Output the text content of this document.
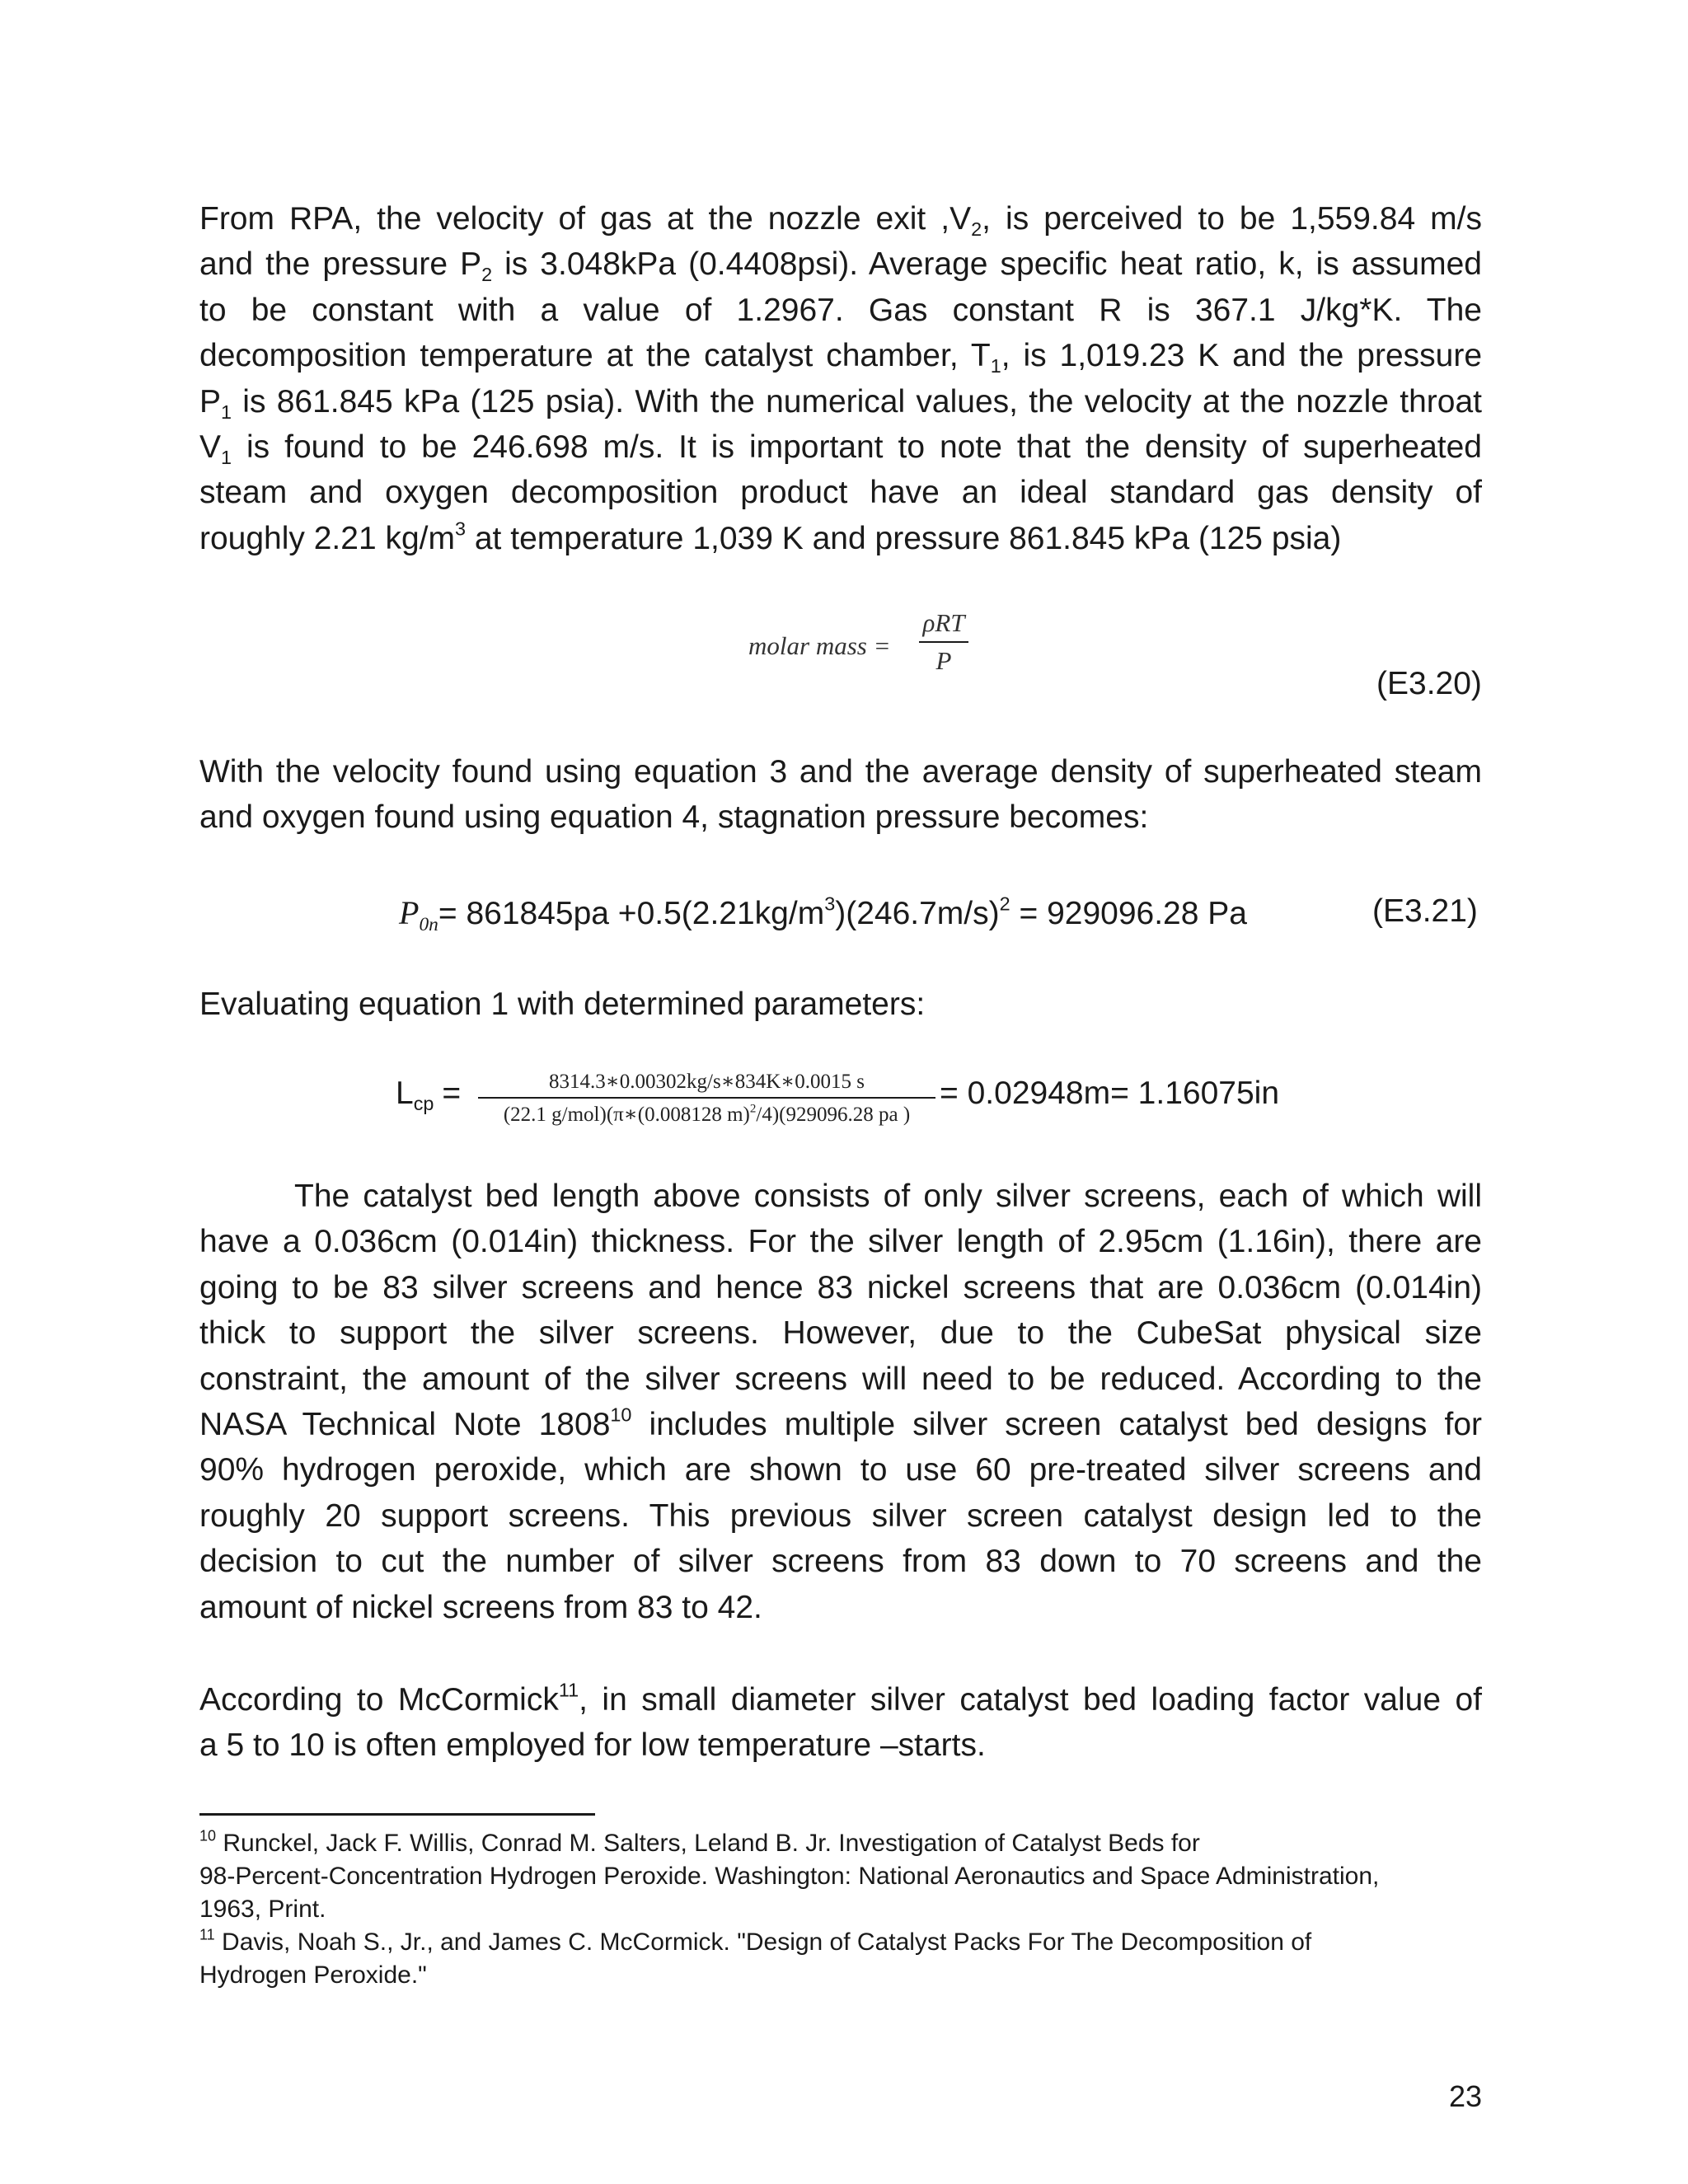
From RPA, the velocity of gas at the nozzle exit $,V_2$, is perceived to be 1,559.84 m/s
and the pressure $P_2$ is 3.048kPa (0.4408psi). Average specific heat ratio, k, is assumed
to be constant with a value of 1.2967. Gas constant R is 367.1 J/kg*K. The
decomposition temperature at the catalyst chamber, $T_1$, is 1,019.23 K and the pressure
$P_1$ is 861.845 kPa (125 psia). With the numerical values, the velocity at the nozzle throat
$V_1$ is found to be 246.698 m/s. It is important to note that the density of superheated
steam and oxygen decomposition product have an ideal standard gas density of
roughly 2.21 $kg/m^3$ at temperature 1,039 K and pressure 861.845 kPa (125 psia)
molar mass =
ρRT
P
(E3.20)
With the velocity found using equation 3 and the average density of superheated steam
and oxygen found using equation 4, stagnation pressure becomes:
$P_{0n}= 861845pa +0.5(2.21kg/m^3)(246.7m/s)^2 = 929096.28$ Pa	(E3.21)
Evaluating equation 1 with determined parameters:
$L_{cp}$ =	8314.3∗0.00302kg/s∗834K∗0.0015 s
(22.1 g/mol)(π∗(0.008128 m)$^2$/4)(929096.28 pa )
= 0.02948m= 1.16075in
The catalyst bed length above consists of only silver screens, each of which will
have a 0.036cm (0.014in) thickness. For the silver length of 2.95cm (1.16in), there are
going to be 83 silver screens and hence 83 nickel screens that are 0.036cm (0.014in)
thick to support the silver screens. However, due to the CubeSat physical size
constraint, the amount of the silver screens will need to be reduced. According to the
NASA Technical Note 1808$^{10}$ includes multiple silver screen catalyst bed designs for
90% hydrogen peroxide, which are shown to use 60 pre-treated silver screens and
roughly 20 support screens. This previous silver screen catalyst design led to the
decision to cut the number of silver screens from 83 down to 70 screens and the
amount of nickel screens from 83 to 42.
According to McCormick$^{11}$, in small diameter silver catalyst bed loading factor value of
a 5 to 10 is often employed for low temperature –starts.
$^{10}$ Runckel, Jack F. Willis, Conrad M. Salters, Leland B. Jr. Investigation of Catalyst Beds for
98-Percent-Concentration Hydrogen Peroxide. Washington: National Aeronautics and Space Administration,
1963, Print.
$^{11}$ Davis, Noah S., Jr., and James C. McCormick. "Design of Catalyst Packs For The Decomposition of
Hydrogen Peroxide."
23
